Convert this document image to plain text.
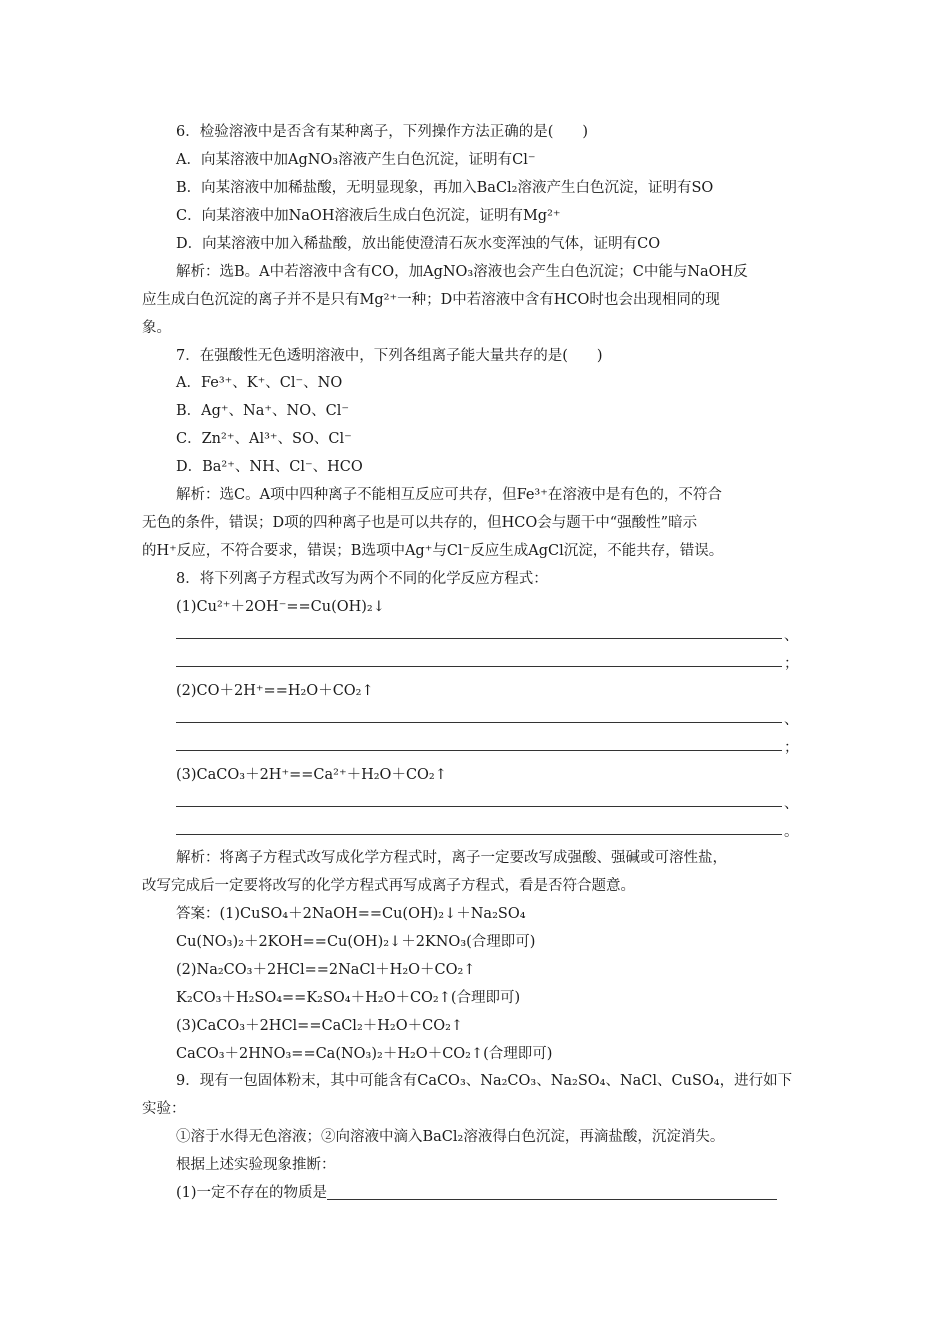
6．检验溶液中是否含有某种离子，下列操作方法正确的是(　　)
A．向某溶液中加AgNO₃溶液产生白色沉淀，证明有Cl⁻
B．向某溶液中加稀盐酸，无明显现象，再加入BaCl₂溶液产生白色沉淀，证明有SO
C．向某溶液中加NaOH溶液后生成白色沉淀，证明有Mg²⁺
D．向某溶液中加入稀盐酸，放出能使澄清石灰水变浑浊的气体，证明有CO
解析：选B。A中若溶液中含有CO，加AgNO₃溶液也会产生白色沉淀；C中能与NaOH反
应生成白色沉淀的离子并不是只有Mg²⁺一种；D中若溶液中含有HCO时也会出现相同的现
象。
7．在强酸性无色透明溶液中，下列各组离子能大量共存的是(　　)
A．Fe³⁺、K⁺、Cl⁻、NO
B．Ag⁺、Na⁺、NO、Cl⁻
C．Zn²⁺、Al³⁺、SO、Cl⁻
D．Ba²⁺、NH、Cl⁻、HCO
解析：选C。A项中四种离子不能相互反应可共存，但Fe³⁺在溶液中是有色的，不符合
无色的条件，错误；D项的四种离子也是可以共存的，但HCO会与题干中“强酸性”暗示
的H⁺反应，不符合要求，错误；B选项中Ag⁺与Cl⁻反应生成AgCl沉淀，不能共存，错误。
8．将下列离子方程式改写为两个不同的化学反应方程式：
(1)Cu²⁺＋2OH⁻==Cu(OH)₂↓
、
；
(2)CO＋2H⁺==H₂O＋CO₂↑
、
；
(3)CaCO₃＋2H⁺==Ca²⁺＋H₂O＋CO₂↑
、
。
解析：将离子方程式改写成化学方程式时，离子一定要改写成强酸、强碱或可溶性盐，
改写完成后一定要将改写的化学方程式再写成离子方程式，看是否符合题意。
答案：(1)CuSO₄＋2NaOH==Cu(OH)₂↓＋Na₂SO₄
Cu(NO₃)₂＋2KOH==Cu(OH)₂↓＋2KNO₃(合理即可)
(2)Na₂CO₃＋2HCl==2NaCl＋H₂O＋CO₂↑
K₂CO₃＋H₂SO₄==K₂SO₄＋H₂O＋CO₂↑(合理即可)
(3)CaCO₃＋2HCl==CaCl₂＋H₂O＋CO₂↑
CaCO₃＋2HNO₃==Ca(NO₃)₂＋H₂O＋CO₂↑(合理即可)
9．现有一包固体粉末，其中可能含有CaCO₃、Na₂CO₃、Na₂SO₄、NaCl、CuSO₄，进行如下
实验：
①溶于水得无色溶液；②向溶液中滴入BaCl₂溶液得白色沉淀，再滴盐酸，沉淀消失。
根据上述实验现象推断：
(1)一定不存在的物质是
